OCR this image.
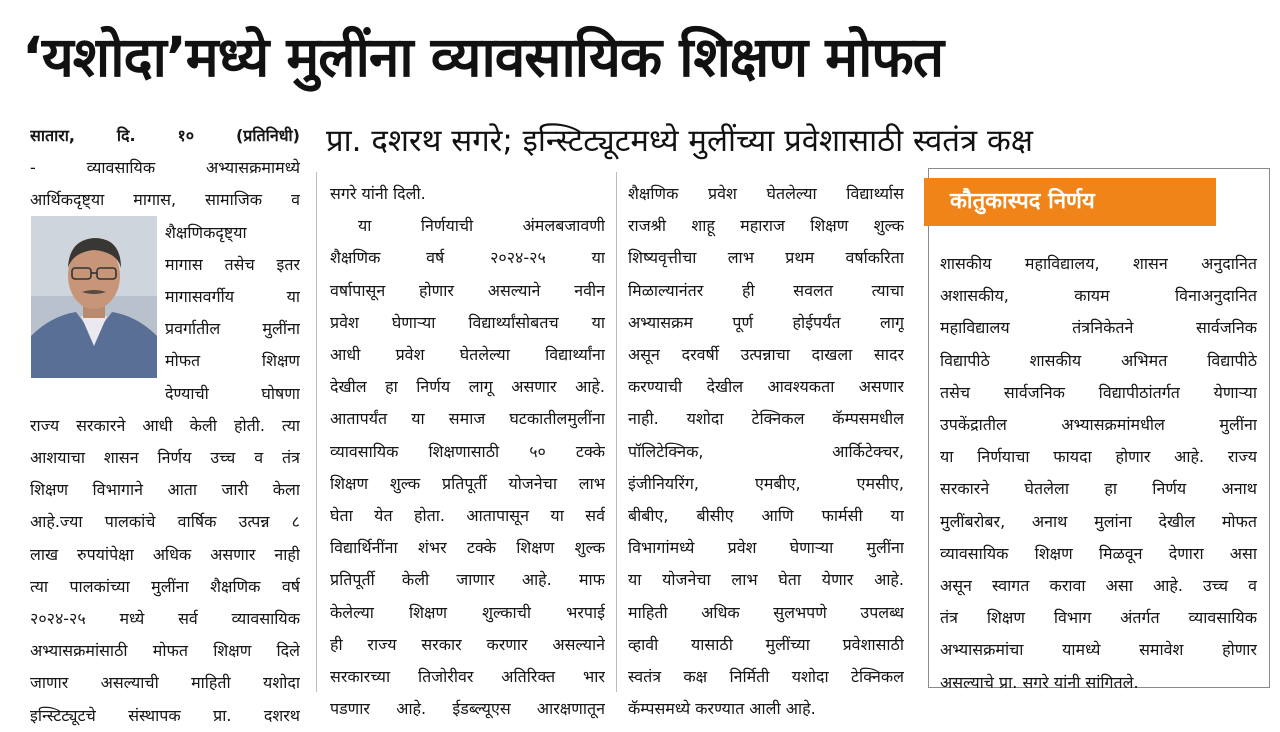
‘यशोदा’मध्ये मुलींना व्यावसायिक शिक्षण मोफत
प्रा. दशरथ सगरे; इन्स्टिट्यूटमध्ये मुलींच्या प्रवेशासाठी स्वतंत्र कक्ष
सातारा, दि. १० (प्रतिनिधी)
- व्यावसायिक अभ्यासक्रमामध्ये
आर्थिकदृष्ट्या मागास, सामाजिक व
शैक्षणिकदृष्ट्या
मागास तसेच इतर
मागासवर्गीय या
प्रवर्गातील मुलींना
मोफत शिक्षण
देण्याची घोषणा
राज्य सरकारने आधी केली होती. त्या
आशयाचा शासन निर्णय उच्च व तंत्र
शिक्षण विभागाने आता जारी केला
आहे.ज्या पालकांचे वार्षिक उत्पन्न ८
लाख रुपयांपेक्षा अधिक असणार नाही
त्या पालकांच्या मुलींना शैक्षणिक वर्ष
२०२४-२५ मध्ये सर्व व्यावसायिक
अभ्यासक्रमांसाठी मोफत शिक्षण दिले
जाणार असल्याची माहिती यशोदा
इन्स्टिट्यूटचे संस्थापक प्रा. दशरथ
सगरे यांनी दिली.
या निर्णयाची अंमलबजावणी
शैक्षणिक वर्ष २०२४-२५ या
वर्षापासून होणार असल्याने नवीन
प्रवेश घेणाऱ्या विद्यार्थ्यांसोबतच या
आधी प्रवेश घेतलेल्या विद्यार्थ्यांना
देखील हा निर्णय लागू असणार आहे.
आतापर्यंत या समाज घटकातीलमुलींना
व्यावसायिक शिक्षणासाठी ५० टक्के
शिक्षण शुल्क प्रतिपूर्ती योजनेचा लाभ
घेता येत होता. आतापासून या सर्व
विद्यार्थिनींना शंभर टक्के शिक्षण शुल्क
प्रतिपूर्ती केली जाणार आहे. माफ
केलेल्या शिक्षण शुल्काची भरपाई
ही राज्य सरकार करणार असल्याने
सरकारच्या तिजोरीवर अतिरिक्त भार
पडणार आहे. ईडब्ल्यूएस आरक्षणातून
शैक्षणिक प्रवेश घेतलेल्या विद्यार्थ्यास
राजश्री शाहू महाराज शिक्षण शुल्क
शिष्यवृत्तीचा लाभ प्रथम वर्षाकरिता
मिळाल्यानंतर ही सवलत त्याचा
अभ्यासक्रम पूर्ण होईपर्यंत लागू
असून दरवर्षी उत्पन्नाचा दाखला सादर
करण्याची देखील आवश्यकता असणार
नाही. यशोदा टेक्निकल कॅम्पसमधील
पॉलिटेक्निक, आर्किटेक्चर,
इंजीनियरिंग, एमबीए, एमसीए,
बीबीए, बीसीए आणि फार्मसी या
विभागांमध्ये प्रवेश घेणाऱ्या मुलींना
या योजनेचा लाभ घेता येणार आहे.
माहिती अधिक सुलभपणे उपलब्ध
व्हावी यासाठी मुलींच्या प्रवेशासाठी
स्वतंत्र कक्ष निर्मिती यशोदा टेक्निकल
कॅम्पसमध्ये करण्यात आली आहे.
कौतुकास्पद निर्णय
शासकीय महाविद्यालय, शासन अनुदानित
अशासकीय, कायम विनाअनुदानित
महाविद्यालय तंत्रनिकेतने सार्वजनिक
विद्यापीठे शासकीय अभिमत विद्यापीठे
तसेच सार्वजनिक विद्यापीठांतर्गत येणाऱ्या
उपकेंद्रातील अभ्यासक्रमांमधील मुलींना
या निर्णयाचा फायदा होणार आहे. राज्य
सरकारने घेतलेला हा निर्णय अनाथ
मुलींबरोबर, अनाथ मुलांना देखील मोफत
व्यावसायिक शिक्षण मिळवून देणारा असा
असून स्वागत करावा असा आहे. उच्च व
तंत्र शिक्षण विभाग अंतर्गत व्यावसायिक
अभ्यासक्रमांचा यामध्ये समावेश होणार
असल्याचे प्रा. सगरे यांनी सांगितले.
